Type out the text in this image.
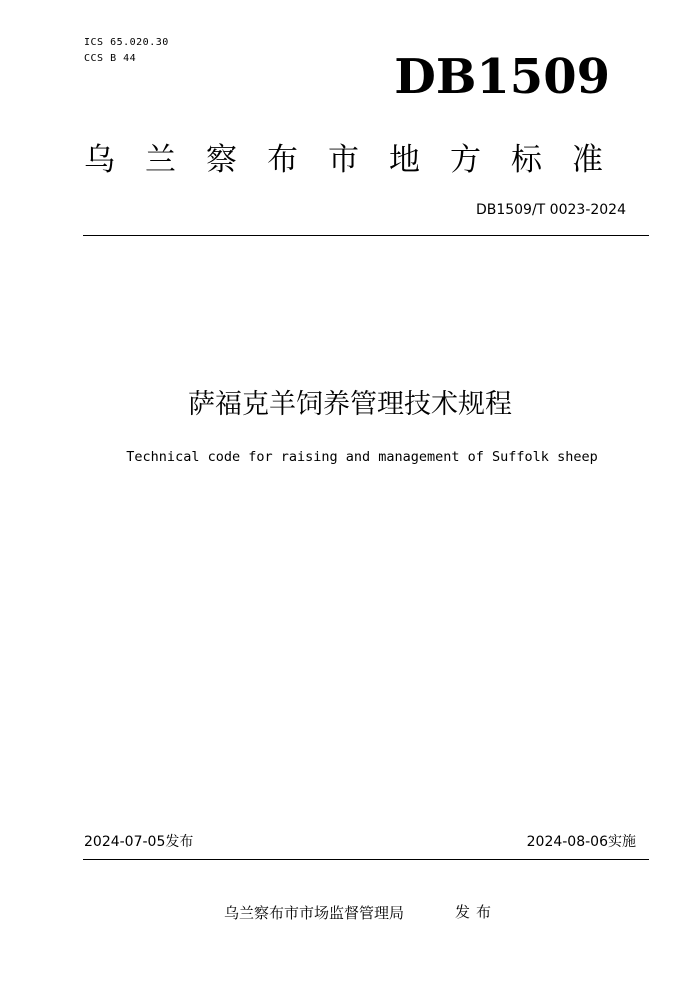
ICS 65.020.30
CCS B 44	DB1509
乌兰察布市地方标准
DB1509/T 0023-2024
萨福克羊饲养管理技术规程
Technical code for raising and management of Suffolk sheep
2024-07-05发布	2024-08-06实施
乌兰察布市市场监督管理局	发布
